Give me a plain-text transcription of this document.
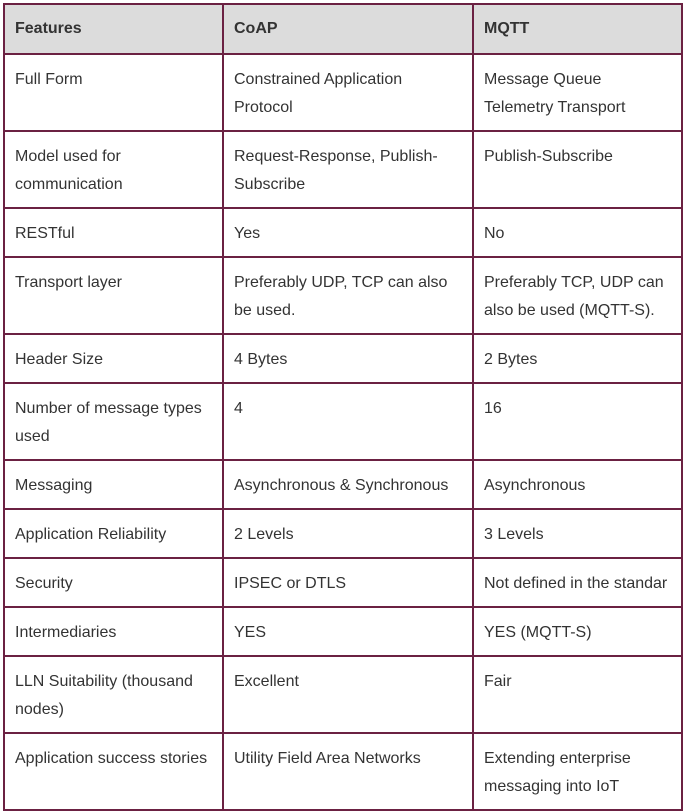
Features	CoAP	MQTT
Full Form	Constrained Application Protocol	Message Queue Telemetry Transport
Model used for communication	Request-Response, Publish-Subscribe	Publish-Subscribe
RESTful	Yes	No
Transport layer	Preferably UDP, TCP can also be used.	Preferably TCP, UDP can also be used (MQTT-S).
Header Size	4 Bytes	2 Bytes
Number of message types used	4	16
Messaging	Asynchronous & Synchronous	Asynchronous
Application Reliability	2 Levels	3 Levels
Security	IPSEC or DTLS	Not defined in the standar
Intermediaries	YES	YES (MQTT-S)
LLN Suitability (thousand nodes)	Excellent	Fair
Application success stories	Utility Field Area Networks	Extending enterprise messaging into IoT
